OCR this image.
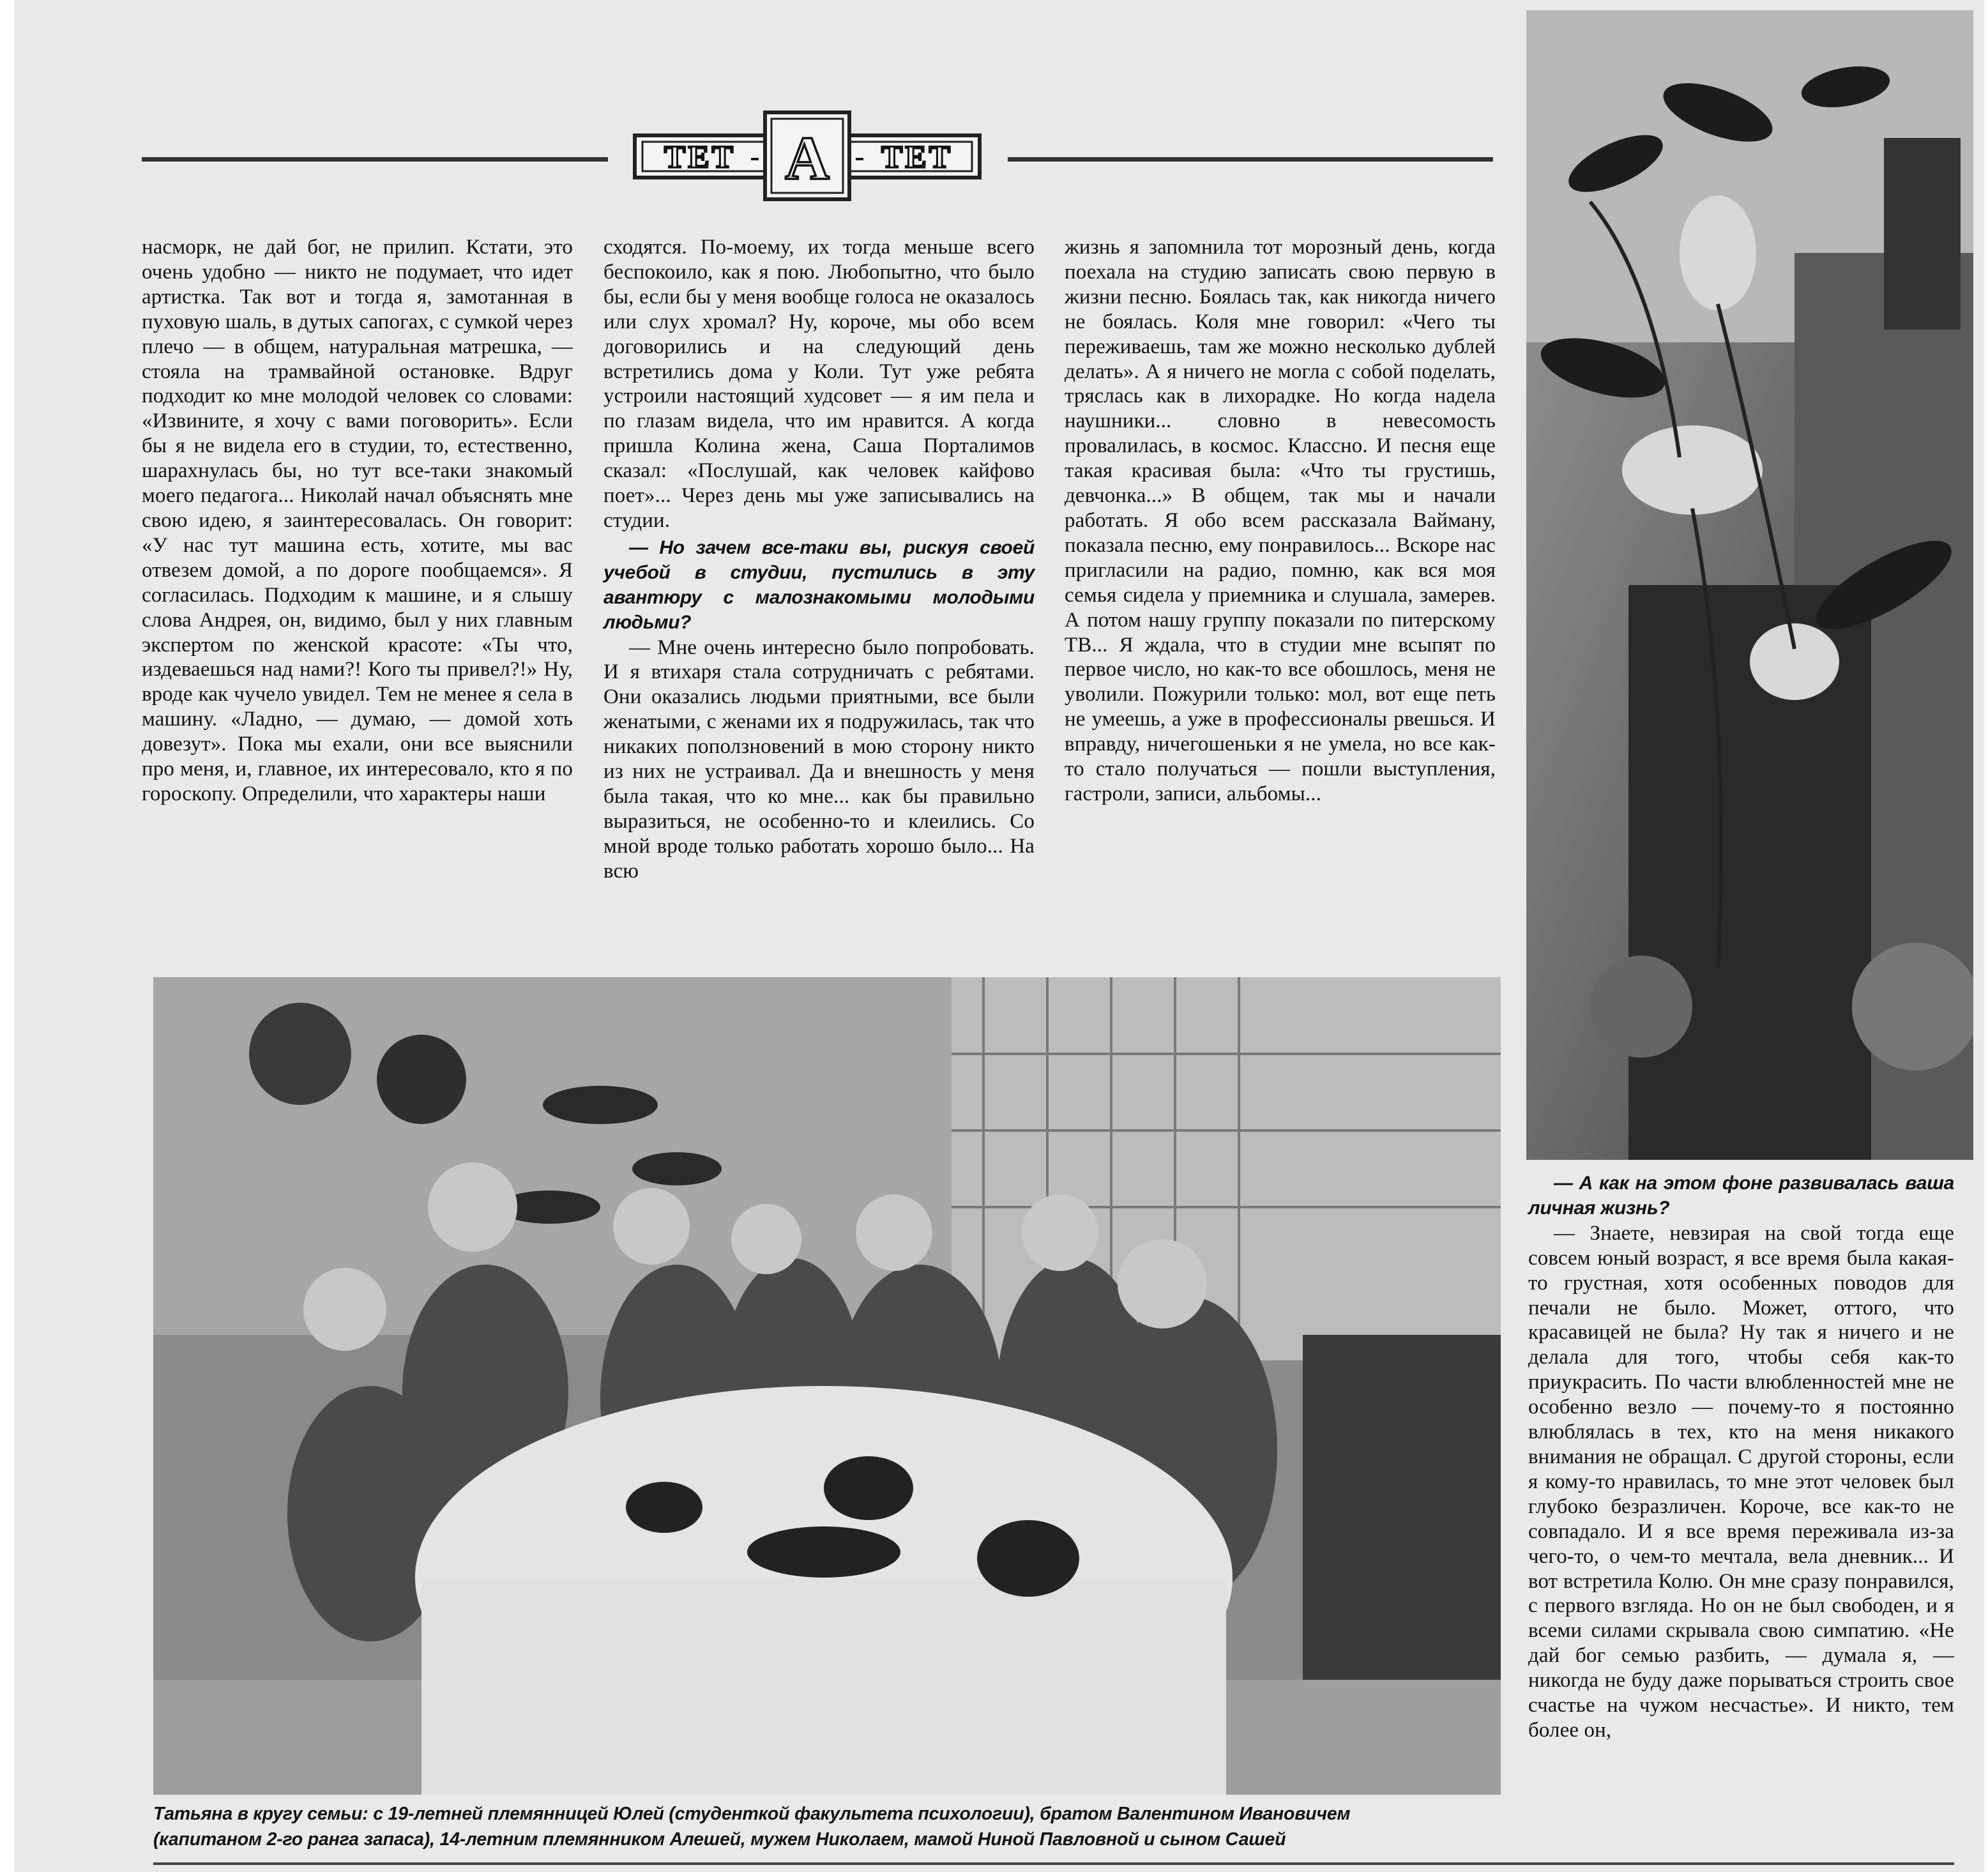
ТЕТ - А - ТЕТ

насморк, не дай бог, не прилип. Кстати, это очень удобно — никто не подумает, что идет артистка. Так вот и тогда я, замотанная в пуховую шаль, в дутых сапогах, с сумкой через плечо — в общем, натуральная матрешка, — стояла на трамвайной остановке. Вдруг подходит ко мне молодой человек со словами: «Извините, я хочу с вами поговорить». Если бы я не видела его в студии, то, естественно, шарахнулась бы, но тут все-таки знакомый моего педагога... Николай начал объяснять мне свою идею, я заинтересовалась. Он говорит: «У нас тут машина есть, хотите, мы вас отвезем домой, а по дороге пообщаемся». Я согласилась. Подходим к машине, и я слышу слова Андрея, он, видимо, был у них главным экспертом по женской красоте: «Ты что, издеваешься над нами?! Кого ты привел?!» Ну, вроде как чучело увидел. Тем не менее я села в машину. «Ладно, — думаю, — домой хоть довезут». Пока мы ехали, они все выяснили про меня, и, главное, их интересовало, кто я по гороскопу. Определили, что характеры наши

сходятся. По-моему, их тогда меньше всего беспокоило, как я пою. Любопытно, что было бы, если бы у меня вообще голоса не оказалось или слух хромал? Ну, короче, мы обо всем договорились и на следующий день встретились дома у Коли. Тут уже ребята устроили настоящий худсовет — я им пела и по глазам видела, что им нравится. А когда пришла Колина жена, Саша Порталимов сказал: «Послушай, как человек кайфово поет»... Через день мы уже записывались на студии.

— Но зачем все-таки вы, рискуя своей учебой в студии, пустились в эту авантюру с малознакомыми молодыми людьми?

— Мне очень интересно было попробовать. И я втихаря стала сотрудничать с ребятами. Они оказались людьми приятными, все были женатыми, с женами их я подружилась, так что никаких поползновений в мою сторону никто из них не устраивал. Да и внешность у меня была такая, что ко мне... как бы правильно выразиться, не особенно-то и клеились. Со мной вроде только работать хорошо было... На всю

жизнь я запомнила тот морозный день, когда поехала на студию записать свою первую в жизни песню. Боялась так, как никогда ничего не боялась. Коля мне говорил: «Чего ты переживаешь, там же можно несколько дублей делать». А я ничего не могла с собой поделать, тряслась как в лихорадке. Но когда надела наушники... словно в невесомость провалилась, в космос. Классно. И песня еще такая красивая была: «Что ты грустишь, девчонка...» В общем, так мы и начали работать. Я обо всем рассказала Вайману, показала песню, ему понравилось... Вскоре нас пригласили на радио, помню, как вся моя семья сидела у приемника и слушала, замерев. А потом нашу группу показали по питерскому ТВ... Я ждала, что в студии мне всыпят по первое число, но как-то все обошлось, меня не уволили. Пожурили только: мол, вот еще петь не умеешь, а уже в профессионалы рвешься. И вправду, ничегошеньки я не умела, но все как-то стало получаться — пошли выступления, гастроли, записи, альбомы...

— А как на этом фоне развивалась ваша личная жизнь?

— Знаете, невзирая на свой тогда еще совсем юный возраст, я все время была какая-то грустная, хотя особенных поводов для печали не было. Может, оттого, что красавицей не была? Ну так я ничего и не делала для того, чтобы себя как-то приукрасить. По части влюбленностей мне не особенно везло — почему-то я постоянно влюблялась в тех, кто на меня никакого внимания не обращал. С другой стороны, если я кому-то нравилась, то мне этот человек был глубоко безразличен. Короче, все как-то не совпадало. И я все время переживала из-за чего-то, о чем-то мечтала, вела дневник... И вот встретила Колю. Он мне сразу понравился, с первого взгляда. Но он не был свободен, и я всеми силами скрывала свою симпатию. «Не дай бог семью разбить, — думала я, — никогда не буду даже порываться строить свое счастье на чужом несчастье». И никто, тем более он,

Татьяна в кругу семьи: с 19-летней племянницей Юлей (студенткой факультета психологии), братом Валентином Ивановичем (капитаном 2-го ранга запаса), 14-летним племянником Алешей, мужем Николаем, мамой Ниной Павловной и сыном Сашей
